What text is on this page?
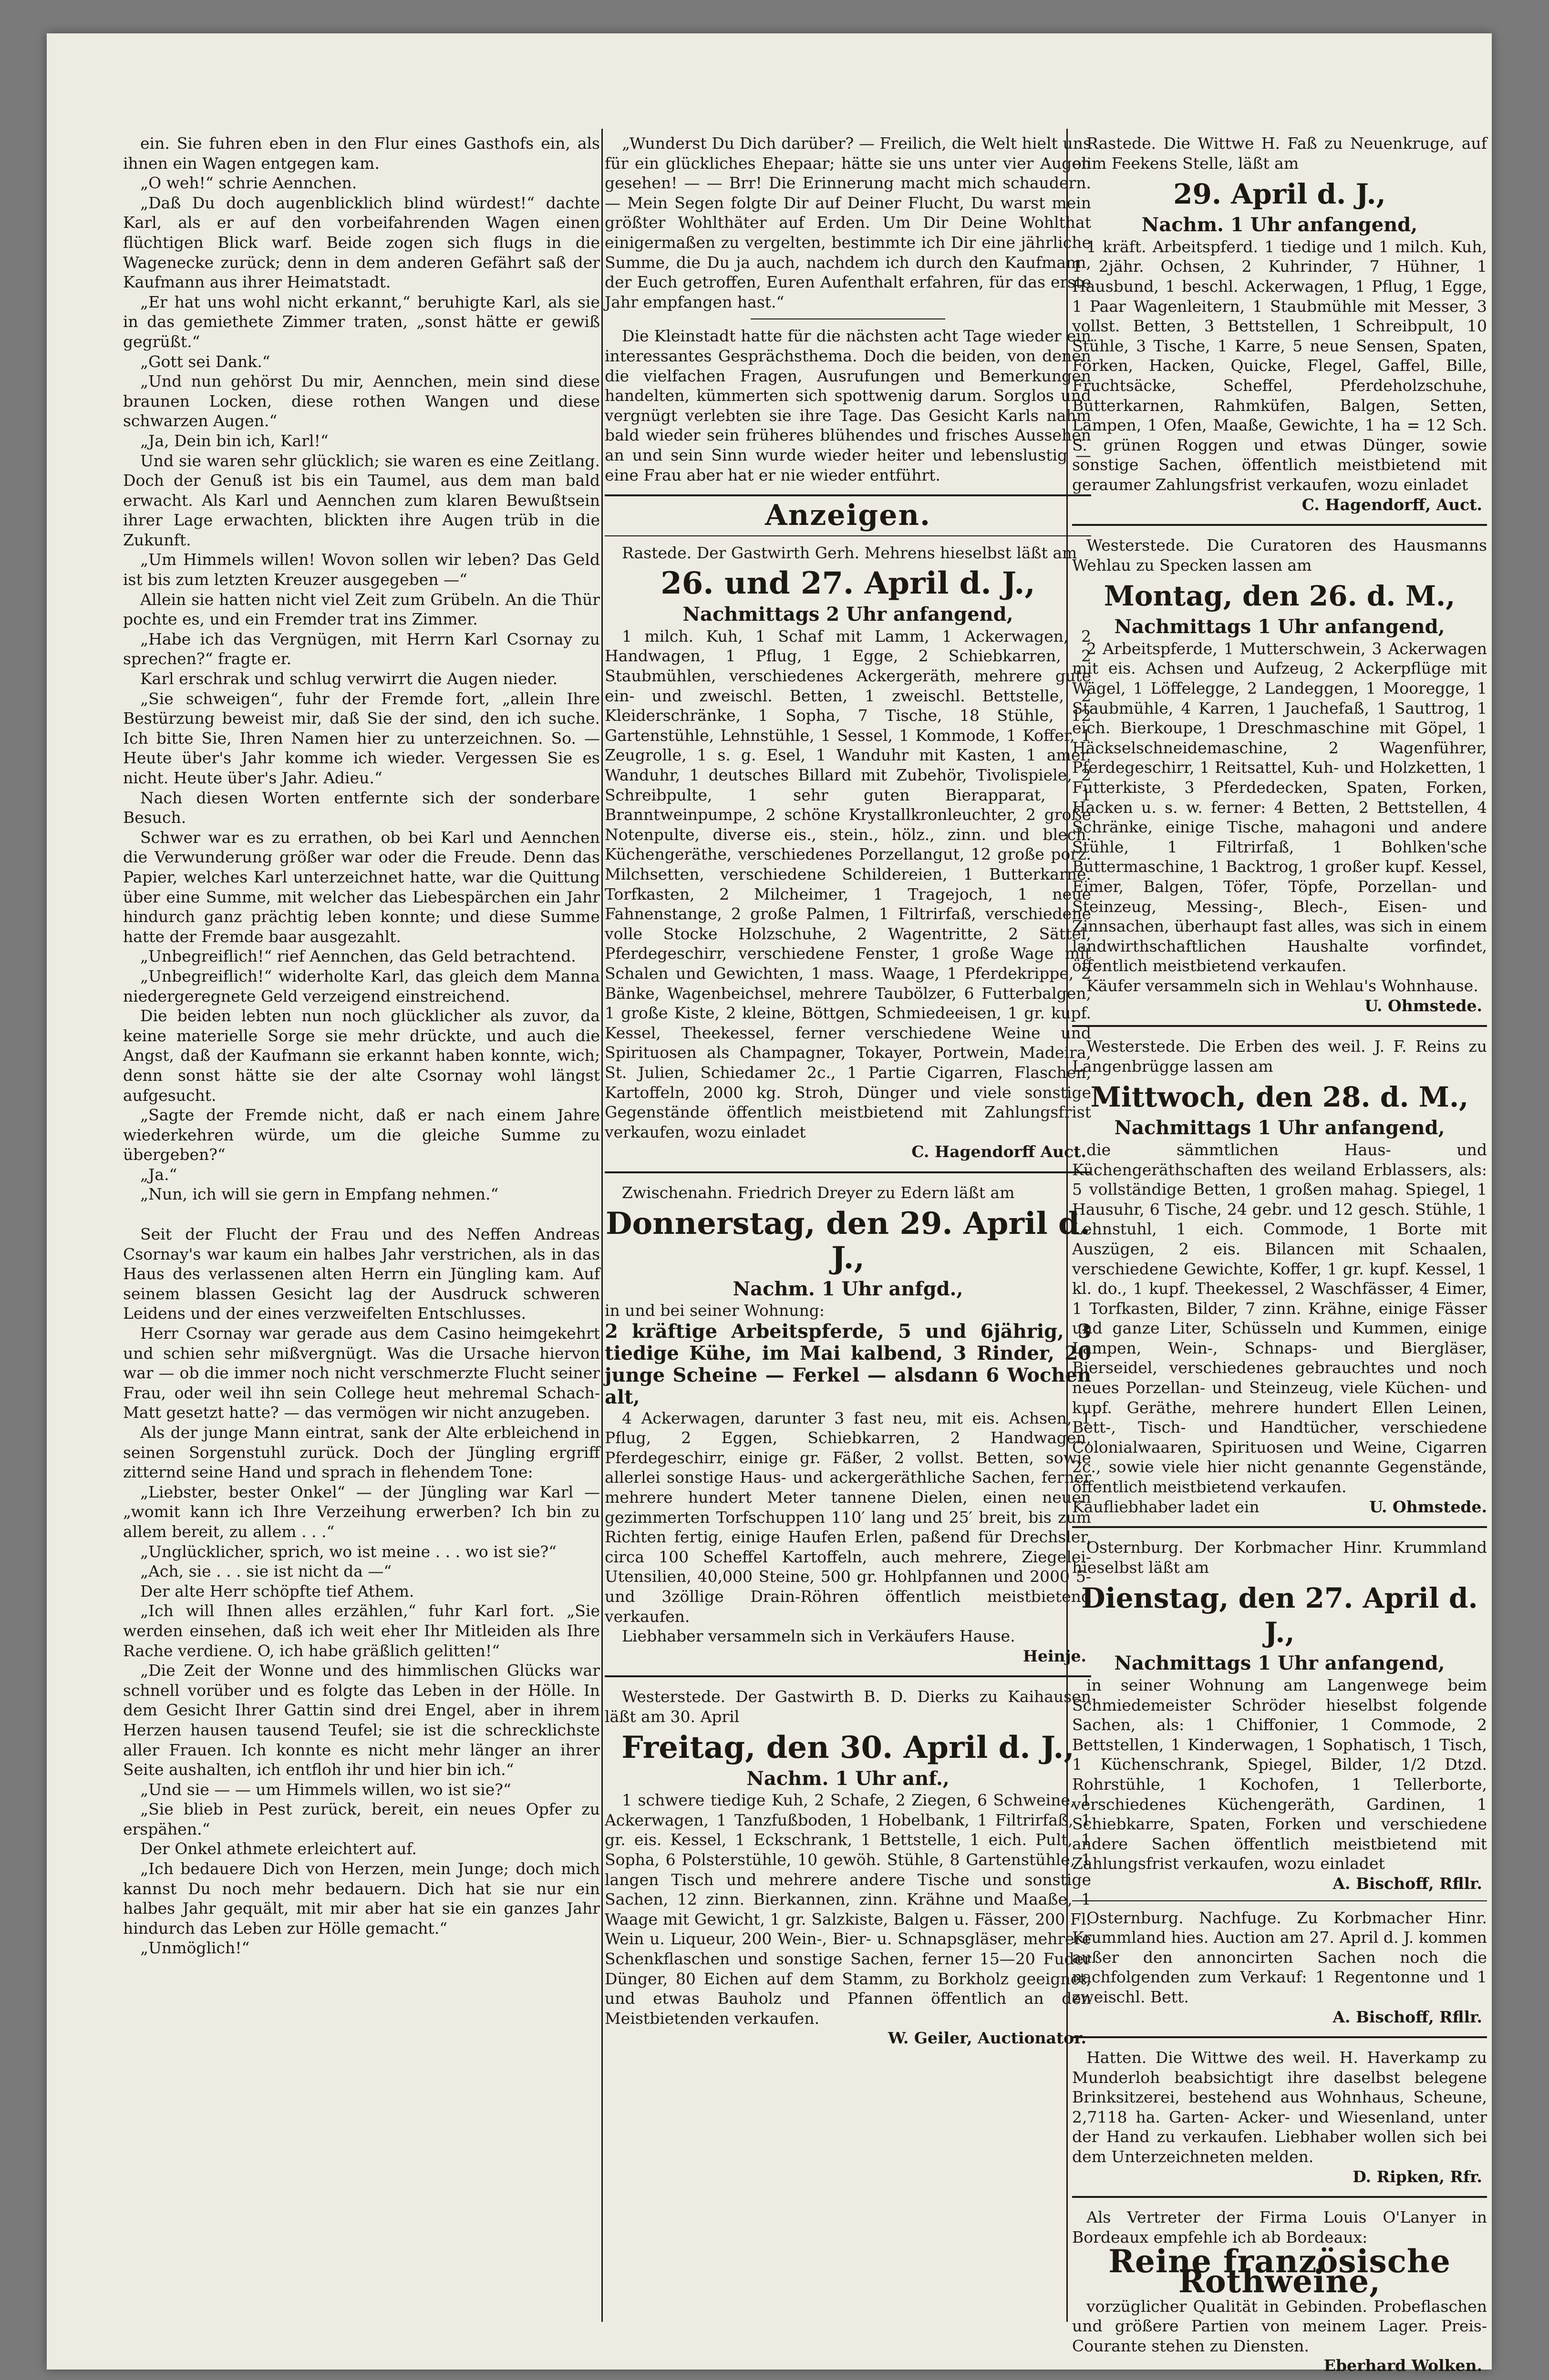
ein. Sie fuhren eben in den Flur eines Gasthofs ein, als ihnen ein Wagen entgegen kam.

„O weh!“ schrie Aennchen.

„Daß Du doch augenblicklich blind würdest!“ dachte Karl, als er auf den vorbeifahrenden Wagen einen flüchtigen Blick warf. Beide zogen sich flugs in die Wagenecke zurück; denn in dem anderen Gefährt saß der Kaufmann aus ihrer Heimatstadt.

„Er hat uns wohl nicht erkannt,“ beruhigte Karl, als sie in das gemiethete Zimmer traten, „sonst hätte er gewiß gegrüßt.“

„Gott sei Dank.“

„Und nun gehörst Du mir, Aennchen, mein sind diese braunen Locken, diese rothen Wangen und diese schwarzen Augen.“

„Ja, Dein bin ich, Karl!“

Und sie waren sehr glücklich; sie waren es eine Zeitlang. Doch der Genuß ist bis ein Taumel, aus dem man bald erwacht. Als Karl und Aennchen zum klaren Bewußtsein ihrer Lage erwachten, blickten ihre Augen trüb in die Zukunft.

„Um Himmels willen! Wovon sollen wir leben? Das Geld ist bis zum letzten Kreuzer ausgegeben —“

Allein sie hatten nicht viel Zeit zum Grübeln. An die Thür pochte es, und ein Fremder trat ins Zimmer.

„Habe ich das Vergnügen, mit Herrn Karl Csornay zu sprechen?“ fragte er.

Karl erschrak und schlug verwirrt die Augen nieder.

„Sie schweigen“, fuhr der Fremde fort, „allein Ihre Bestürzung beweist mir, daß Sie der sind, den ich suche. Ich bitte Sie, Ihren Namen hier zu unterzeichnen. So. — Heute über's Jahr komme ich wieder. Vergessen Sie es nicht. Heute über's Jahr. Adieu.“

Nach diesen Worten entfernte sich der sonderbare Besuch.

Schwer war es zu errathen, ob bei Karl und Aennchen die Verwunderung größer war oder die Freude. Denn das Papier, welches Karl unterzeichnet hatte, war die Quittung über eine Summe, mit welcher das Liebespärchen ein Jahr hindurch ganz prächtig leben konnte; und diese Summe hatte der Fremde baar ausgezahlt.

„Unbegreiflich!“ rief Aennchen, das Geld betrachtend.

„Unbegreiflich!“ widerholte Karl, das gleich dem Manna niedergeregnete Geld verzeigend einstreichend.

Die beiden lebten nun noch glücklicher als zuvor, da keine materielle Sorge sie mehr drückte, und auch die Angst, daß der Kaufmann sie erkannt haben konnte, wich; denn sonst hätte sie der alte Csornay wohl längst aufgesucht.

„Sagte der Fremde nicht, daß er nach einem Jahre wiederkehren würde, um die gleiche Summe zu übergeben?“

„Ja.“

„Nun, ich will sie gern in Empfang nehmen.“

Seit der Flucht der Frau und des Neffen Andreas Csornay's war kaum ein halbes Jahr verstrichen, als in das Haus des verlassenen alten Herrn ein Jüngling kam. Auf seinem blassen Gesicht lag der Ausdruck schweren Leidens und der eines verzweifelten Entschlusses.

Herr Csornay war gerade aus dem Casino heimgekehrt und schien sehr mißvergnügt. Was die Ursache hiervon war — ob die immer noch nicht verschmerzte Flucht seiner Frau, oder weil ihn sein College heut mehremal Schach-Matt gesetzt hatte? — das vermögen wir nicht anzugeben.

Als der junge Mann eintrat, sank der Alte erbleichend in seinen Sorgenstuhl zurück. Doch der Jüngling ergriff zitternd seine Hand und sprach in flehendem Tone:

„Liebster, bester Onkel“ — der Jüngling war Karl — „womit kann ich Ihre Verzeihung erwerben? Ich bin zu allem bereit, zu allem . . .“

„Unglücklicher, sprich, wo ist meine . . . wo ist sie?“

„Ach, sie . . . sie ist nicht da —“

Der alte Herr schöpfte tief Athem.

„Ich will Ihnen alles erzählen,“ fuhr Karl fort. „Sie werden einsehen, daß ich weit eher Ihr Mitleiden als Ihre Rache verdiene. O, ich habe gräßlich gelitten!“

„Die Zeit der Wonne und des himmlischen Glücks war schnell vorüber und es folgte das Leben in der Hölle. In dem Gesicht Ihrer Gattin sind drei Engel, aber in ihrem Herzen hausen tausend Teufel; sie ist die schrecklichste aller Frauen. Ich konnte es nicht mehr länger an ihrer Seite aushalten, ich entfloh ihr und hier bin ich.“

„Und sie — — um Himmels willen, wo ist sie?“

„Sie blieb in Pest zurück, bereit, ein neues Opfer zu erspähen.“

Der Onkel athmete erleichtert auf.

„Ich bedauere Dich von Herzen, mein Junge; doch mich kannst Du noch mehr bedauern. Dich hat sie nur ein halbes Jahr gequält, mit mir aber hat sie ein ganzes Jahr hindurch das Leben zur Hölle gemacht.“

„Unmöglich!“

„Wunderst Du Dich darüber? — Freilich, die Welt hielt uns für ein glückliches Ehepaar; hätte sie uns unter vier Augen gesehen! — — Brr! Die Erinnerung macht mich schaudern. — Mein Segen folgte Dir auf Deiner Flucht, Du warst mein größter Wohlthäter auf Erden. Um Dir Deine Wohlthat einigermaßen zu vergelten, bestimmte ich Dir eine jährliche Summe, die Du ja auch, nachdem ich durch den Kaufmann, der Euch getroffen, Euren Aufenthalt erfahren, für das erste Jahr empfangen hast.“

Die Kleinstadt hatte für die nächsten acht Tage wieder ein interessantes Gesprächsthema. Doch die beiden, von denen die vielfachen Fragen, Ausrufungen und Bemerkungen handelten, kümmerten sich spottwenig darum. Sorglos und vergnügt verlebten sie ihre Tage. Das Gesicht Karls nahm bald wieder sein früheres blühendes und frisches Aussehen an und sein Sinn wurde wieder heiter und lebenslustig — eine Frau aber hat er nie wieder entführt.

Anzeigen.

Rastede. Der Gastwirth Gerh. Mehrens hieselbst läßt am

26. und 27. April d. J.,
Nachmittags 2 Uhr anfangend,

1 milch. Kuh, 1 Schaf mit Lamm, 1 Ackerwagen, 2 Handwagen, 1 Pflug, 1 Egge, 2 Schiebkarren, 2 Staubmühlen, verschiedenes Ackergeräth, mehrere gute ein- und zweischl. Betten, 1 zweischl. Bettstelle, 2 Kleiderschränke, 1 Sopha, 7 Tische, 18 Stühle, 12 Gartenstühle, Lehnstühle, 1 Sessel, 1 Kommode, 1 Koffer, 1 Zeugrolle, 1 s. g. Esel, 1 Wanduhr mit Kasten, 1 amer. Wanduhr, 1 deutsches Billard mit Zubehör, Tivolispiele, 2 Schreibpulte, 1 sehr guten Bierapparat, 1 Branntweinpumpe, 2 schöne Krystallkronleuchter, 2 große Notenpulte, diverse eis., stein., hölz., zinn. und blech. Küchengeräthe, verschiedenes Porzellangut, 12 große porz. Milchsetten, verschiedene Schildereien, 1 Butterkarne. Torfkasten, 2 Milcheimer, 1 Tragejoch, 1 neue Fahnenstange, 2 große Palmen, 1 Filtrirfaß, verschiedene volle Stocke Holzschuhe, 2 Wagentritte, 2 Sättel, Pferdegeschirr, verschiedene Fenster, 1 große Wage mit Schalen und Gewichten, 1 mass. Waage, 1 Pferdekrippe, 2 Bänke, Wagenbeichsel, mehrere Taubölzer, 6 Futterbalgen, 1 große Kiste, 2 kleine, Böttgen, Schmiedeeisen, 1 gr. kupf. Kessel, Theekessel, ferner verschiedene Weine und Spirituosen als Champagner, Tokayer, Portwein, Madeira, St. Julien, Schiedamer 2c., 1 Partie Cigarren, Flaschen, Kartoffeln, 2000 kg. Stroh, Dünger und viele sonstige Gegenstände öffentlich meistbietend mit Zahlungsfrist verkaufen, wozu einladet

C. Hagendorff Auct.

Zwischenahn. Friedrich Dreyer zu Edern läßt am

Donnerstag, den 29. April d. J.,
Nachm. 1 Uhr anfgd.,

in und bei seiner Wohnung:

2 kräftige Arbeitspferde, 5 und 6jährig, 3 tiedige Kühe, im Mai kalbend, 3 Rinder, 20 junge Scheine — Ferkel — alsdann 6 Wochen alt,

4 Ackerwagen, darunter 3 fast neu, mit eis. Achsen, 1 Pflug, 2 Eggen, Schiebkarren, 2 Handwagen, Pferdegeschirr, einige gr. Fäßer, 2 vollst. Betten, sowie allerlei sonstige Haus- und ackergeräthliche Sachen, ferner mehrere hundert Meter tannene Dielen, einen neuen gezimmerten Torfschuppen 110′ lang und 25′ breit, bis zum Richten fertig, einige Haufen Erlen, paßend für Drechsler, circa 100 Scheffel Kartoffeln, auch mehrere, Ziegelei-Utensilien, 40,000 Steine, 500 gr. Hohlpfannen und 2000 5- und 3zöllige Drain-Röhren öffentlich meistbietend verkaufen.

Liebhaber versammeln sich in Verkäufers Hause.

Heinje.

Westerstede. Der Gastwirth B. D. Dierks zu Kaihausen läßt am 30. April

Freitag, den 30. April d. J.,
Nachm. 1 Uhr anf.,

1 schwere tiedige Kuh, 2 Schafe, 2 Ziegen, 6 Schweine, 1 Ackerwagen, 1 Tanzfußboden, 1 Hobelbank, 1 Filtrirfaß, 1 gr. eis. Kessel, 1 Eckschrank, 1 Bettstelle, 1 eich. Pult, 1 Sopha, 6 Polsterstühle, 10 gewöh. Stühle, 8 Gartenstühle, 1 langen Tisch und mehrere andere Tische und sonstige Sachen, 12 zinn. Bierkannen, zinn. Krähne und Maaße, 1 Waage mit Gewicht, 1 gr. Salzkiste, Balgen u. Fässer, 200 Fl. Wein u. Liqueur, 200 Wein-, Bier- u. Schnapsgläser, mehrere Schenkflaschen und sonstige Sachen, ferner 15—20 Fuder Dünger, 80 Eichen auf dem Stamm, zu Borkholz geeignet, und etwas Bauholz und Pfannen öffentlich an den Meistbietenden verkaufen.

W. Geiler, Auctionator.

Rastede. Die Wittwe H. Faß zu Neuenkruge, auf olim Feekens Stelle, läßt am

29. April d. J.,
Nachm. 1 Uhr anfangend,

1 kräft. Arbeitspferd. 1 tiedige und 1 milch. Kuh, 1 2jähr. Ochsen, 2 Kuhrinder, 7 Hühner, 1 Hausbund, 1 beschl. Ackerwagen, 1 Pflug, 1 Egge, 1 Paar Wagenleitern, 1 Staubmühle mit Messer, 3 vollst. Betten, 3 Bettstellen, 1 Schreibpult, 10 Stühle, 3 Tische, 1 Karre, 5 neue Sensen, Spaten, Forken, Hacken, Quicke, Flegel, Gaffel, Bille, Fruchtsäcke, Scheffel, Pferdeholzschuhe, Butterkarnen, Rahmküfen, Balgen, Setten, Lampen, 1 Ofen, Maaße, Gewichte, 1 ha = 12 Sch. S. grünen Roggen und etwas Dünger, sowie sonstige Sachen, öffentlich meistbietend mit geraumer Zahlungsfrist verkaufen, wozu einladet

C. Hagendorff, Auct.

Westerstede. Die Curatoren des Hausmanns Wehlau zu Specken lassen am

Montag, den 26. d. M.,
Nachmittags 1 Uhr anfangend,

2 Arbeitspferde, 1 Mutterschwein, 3 Ackerwagen mit eis. Achsen und Aufzeug, 2 Ackerpflüge mit Wägel, 1 Löffelegge, 2 Landeggen, 1 Mooregge, 1 Staubmühle, 4 Karren, 1 Jauchefaß, 1 Sauttrog, 1 eich. Bierkoupe, 1 Dreschmaschine mit Göpel, 1 Häckselschneidemaschine, 2 Wagenführer, Pferdegeschirr, 1 Reitsattel, Kuh- und Holzketten, 1 Futterkiste, 3 Pferdedecken, Spaten, Forken, Hacken u. s. w. ferner: 4 Betten, 2 Bettstellen, 4 Schränke, einige Tische, mahagoni und andere Stühle, 1 Filtrirfaß, 1 Bohlken'sche Buttermaschine, 1 Backtrog, 1 großer kupf. Kessel, Eimer, Balgen, Töfer, Töpfe, Porzellan- und Steinzeug, Messing-, Blech-, Eisen- und Zinnsachen, überhaupt fast alles, was sich in einem landwirthschaftlichen Haushalte vorfindet, öffentlich meistbietend verkaufen.

Käufer versammeln sich in Wehlau's Wohnhause.

U. Ohmstede.

Westerstede. Die Erben des weil. J. F. Reins zu Langenbrügge lassen am

Mittwoch, den 28. d. M.,
Nachmittags 1 Uhr anfangend,

die sämmtlichen Haus- und Küchengeräthschaften des weiland Erblassers, als: 5 vollständige Betten, 1 großen mahag. Spiegel, 1 Hausuhr, 6 Tische, 24 gebr. und 12 gesch. Stühle, 1 Lehnstuhl, 1 eich. Commode, 1 Borte mit Auszügen, 2 eis. Bilancen mit Schaalen, verschiedene Gewichte, Koffer, 1 gr. kupf. Kessel, 1 kl. do., 1 kupf. Theekessel, 2 Waschfässer, 4 Eimer, 1 Torfkasten, Bilder, 7 zinn. Krähne, einige Fässer und ganze Liter, Schüsseln und Kummen, einige Lampen, Wein-, Schnaps- und Biergläser, Bierseidel, verschiedenes gebrauchtes und noch neues Porzellan- und Steinzeug, viele Küchen- und kupf. Geräthe, mehrere hundert Ellen Leinen, Bett-, Tisch- und Handtücher, verschiedene Colonialwaaren, Spirituosen und Weine, Cigarren 2c., sowie viele hier nicht genannte Gegenstände, öffentlich meistbietend verkaufen.

Kaufliebhaber ladet ein	U. Ohmstede.

Osternburg. Der Korbmacher Hinr. Krummland hieselbst läßt am

Dienstag, den 27. April d. J.,
Nachmittags 1 Uhr anfangend,

in seiner Wohnung am Langenwege beim Schmiedemeister Schröder hieselbst folgende Sachen, als: 1 Chiffonier, 1 Commode, 2 Bettstellen, 1 Kinderwagen, 1 Sophatisch, 1 Tisch, 1 Küchenschrank, Spiegel, Bilder, 1/2 Dtzd. Rohrstühle, 1 Kochofen, 1 Tellerborte, verschiedenes Küchengeräth, Gardinen, 1 Schiebkarre, Spaten, Forken und verschiedene andere Sachen öffentlich meistbietend mit Zahlungsfrist verkaufen, wozu einladet

A. Bischoff, Rfllr.

Osternburg. Nachfuge. Zu Korbmacher Hinr. Krummland hies. Auction am 27. April d. J. kommen außer den annoncirten Sachen noch die nachfolgenden zum Verkauf: 1 Regentonne und 1 zweischl. Bett.

A. Bischoff, Rfllr.

Hatten. Die Wittwe des weil. H. Haverkamp zu Munderloh beabsichtigt ihre daselbst belegene Brinksitzerei, bestehend aus Wohnhaus, Scheune, 2,7118 ha. Garten- Acker- und Wiesenland, unter der Hand zu verkaufen. Liebhaber wollen sich bei dem Unterzeichneten melden.

D. Ripken, Rfr.

Als Vertreter der Firma Louis O'Lanyer in Bordeaux empfehle ich ab Bordeaux:

Reine französische Rothweine,

vorzüglicher Qualität in Gebinden. Probeflaschen und größere Partien von meinem Lager. Preis-Courante stehen zu Diensten.

Eberhard Wolken.
